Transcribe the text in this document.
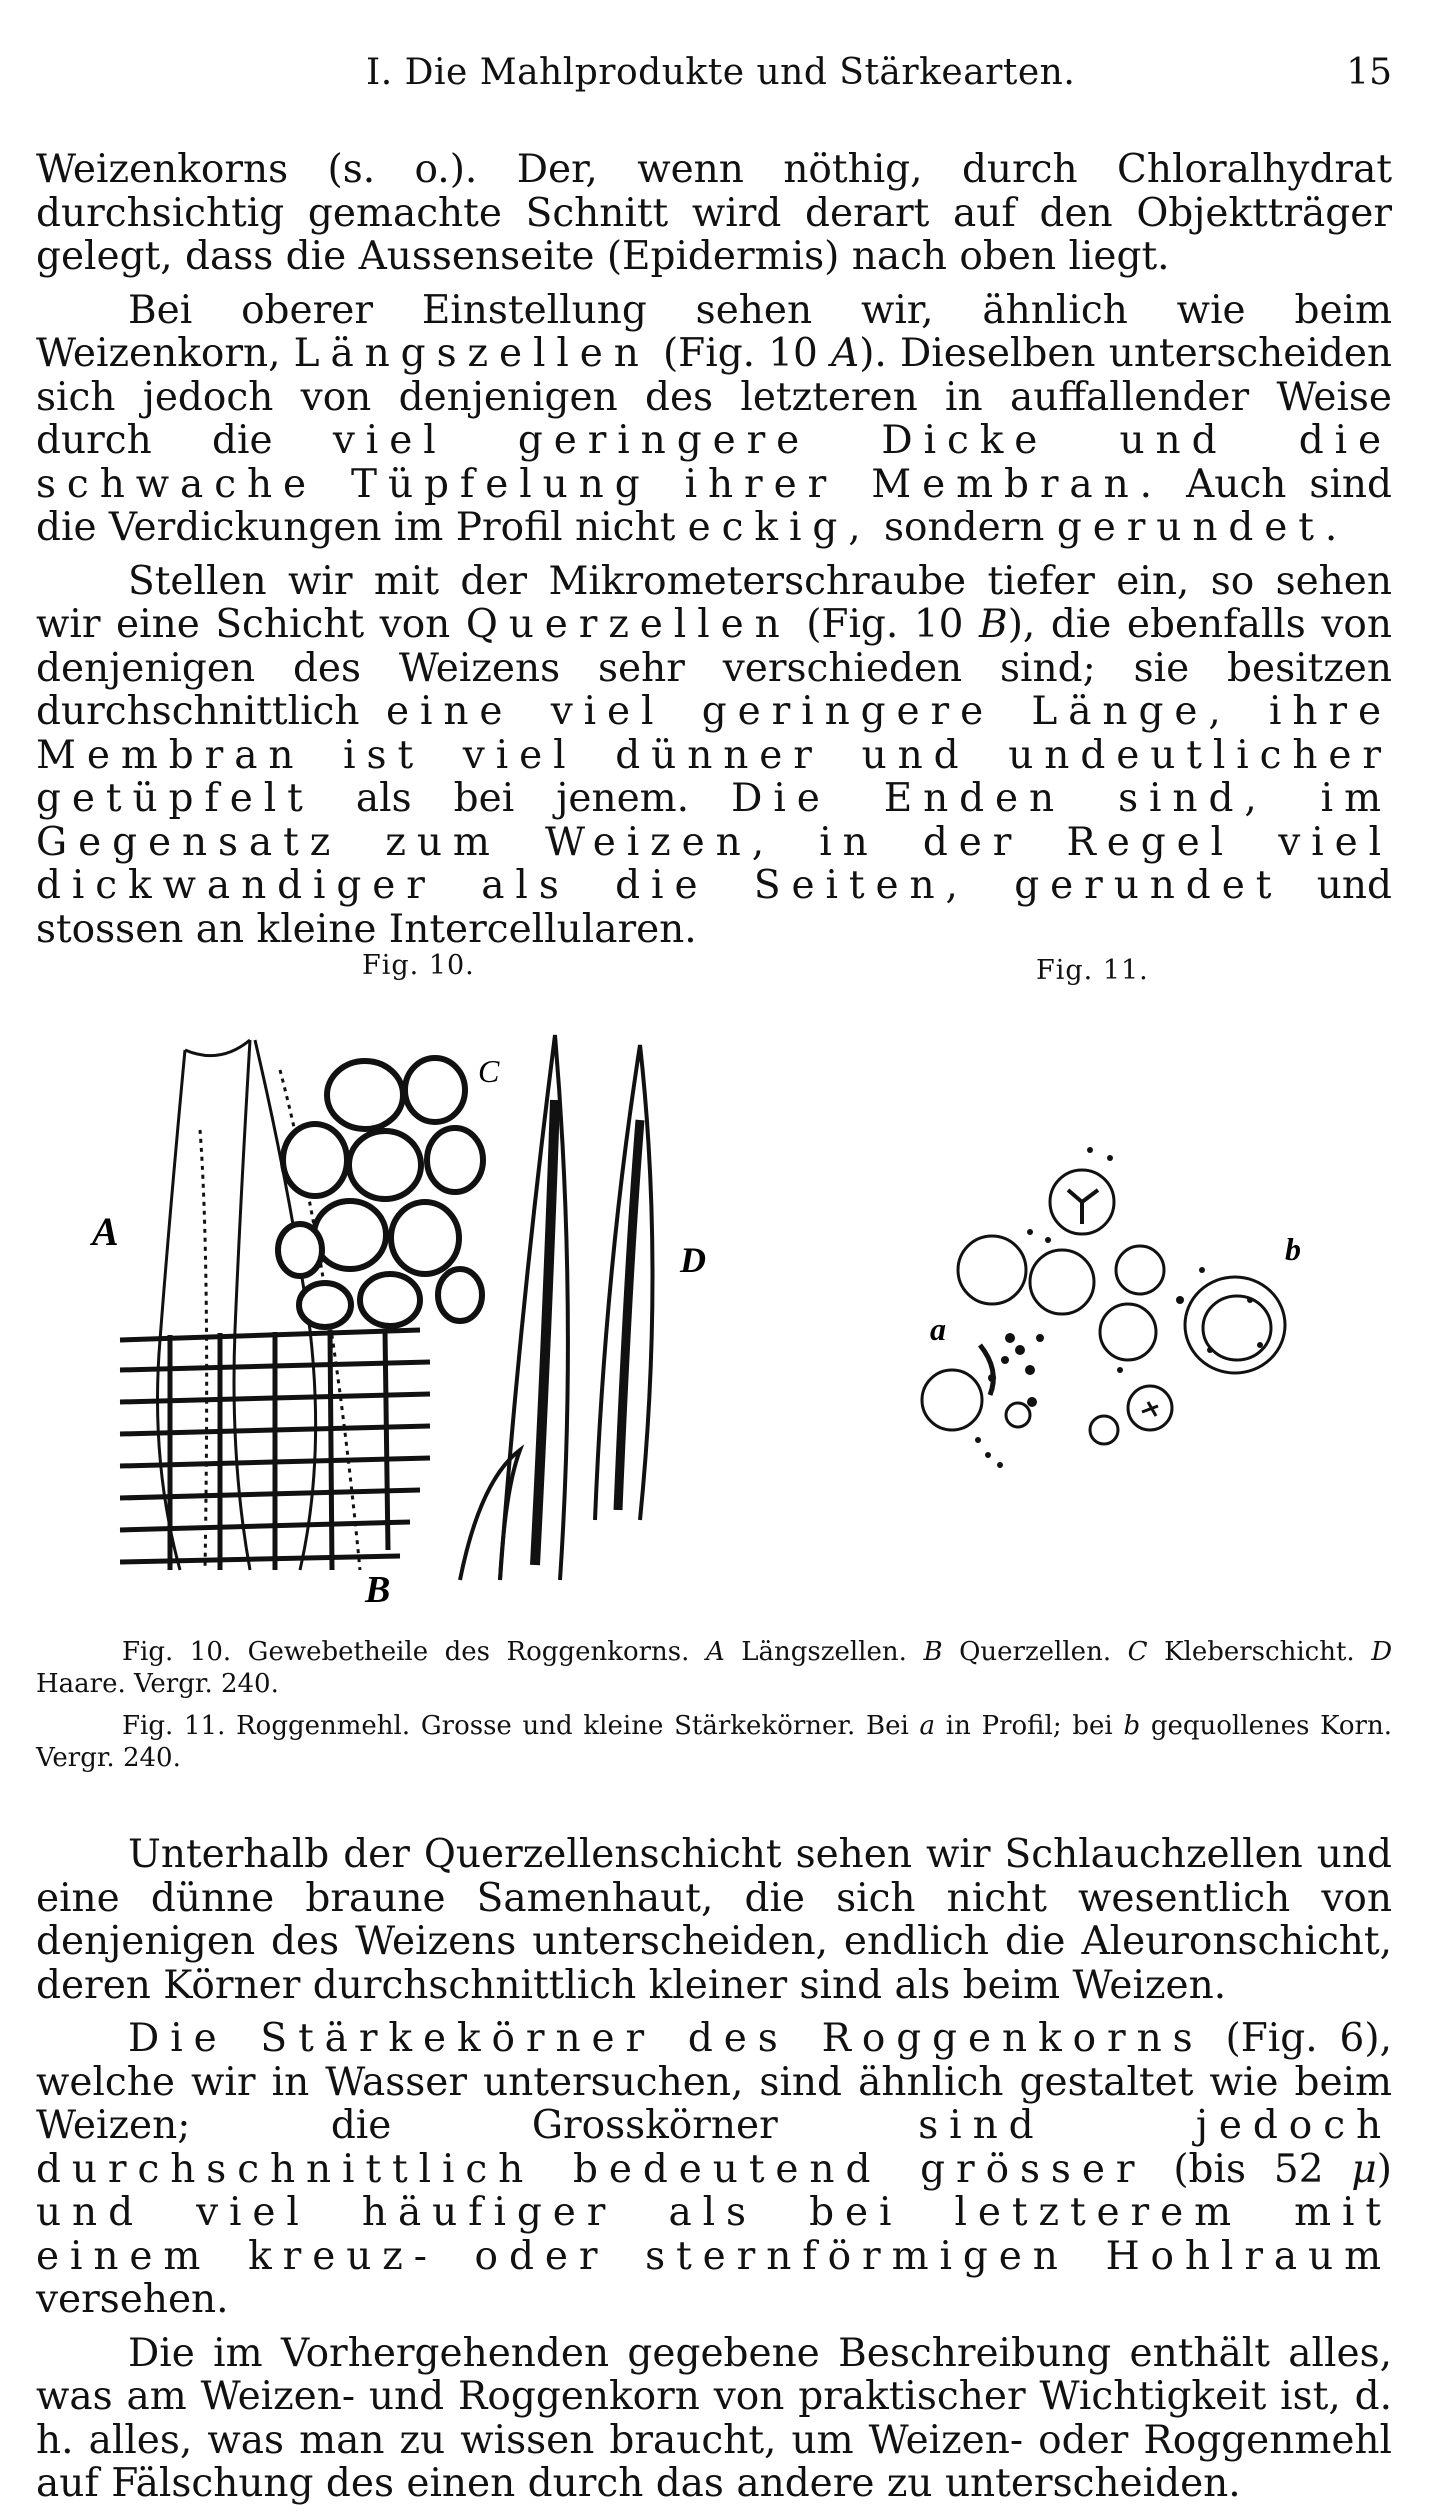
I. Die Mahlprodukte und Stärkearten.	15

Weizenkorns (s. o.). Der, wenn nöthig, durch Chloralhydrat durchsichtig gemachte Schnitt wird derart auf den Objektträger gelegt, dass die Aussenseite (Epidermis) nach oben liegt.

Bei oberer Einstellung sehen wir, ähnlich wie beim Weizenkorn, Längszellen (Fig. 10 A). Dieselben unterscheiden sich jedoch von denjenigen des letzteren in auffallender Weise durch die viel geringere Dicke und die schwache Tüpfelung ihrer Membran. Auch sind die Verdickungen im Profil nicht eckig, sondern gerundet.

Stellen wir mit der Mikrometerschraube tiefer ein, so sehen wir eine Schicht von Querzellen (Fig. 10 B), die ebenfalls von denjenigen des Weizens sehr verschieden sind; sie besitzen durchschnittlich eine viel geringere Länge, ihre Membran ist viel dünner und undeutlicher getüpfelt als bei jenem. Die Enden sind, im Gegensatz zum Weizen, in der Regel viel dickwandiger als die Seiten, gerundet und stossen an kleine Intercellularen.

Fig. 10.	Fig. 11.
A
C
D
B
a
b

Fig. 10. Gewebetheile des Roggenkorns. A Längszellen. B Querzellen. C Kleberschicht. D Haare. Vergr. 240.

Fig. 11. Roggenmehl. Grosse und kleine Stärkekörner. Bei a in Profil; bei b gequollenes Korn. Vergr. 240.

Unterhalb der Querzellenschicht sehen wir Schlauchzellen und eine dünne braune Samenhaut, die sich nicht wesentlich von denjenigen des Weizens unterscheiden, endlich die Aleuronschicht, deren Körner durchschnittlich kleiner sind als beim Weizen.

Die Stärkekörner des Roggenkorns (Fig. 6), welche wir in Wasser untersuchen, sind ähnlich gestaltet wie beim Weizen; die Grosskörner	sind jedoch durchschnittlich bedeutend grösser (bis 52 μ) und viel häufiger als bei letzterem mit einem kreuz- oder sternförmigen Hohlraum versehen.

Die im Vorhergehenden gegebene Beschreibung enthält alles, was am Weizen- und Roggenkorn von praktischer Wichtigkeit ist, d. h. alles, was man zu wissen braucht, um Weizen- oder Roggenmehl auf Fälschung des einen durch das andere zu unterscheiden.
